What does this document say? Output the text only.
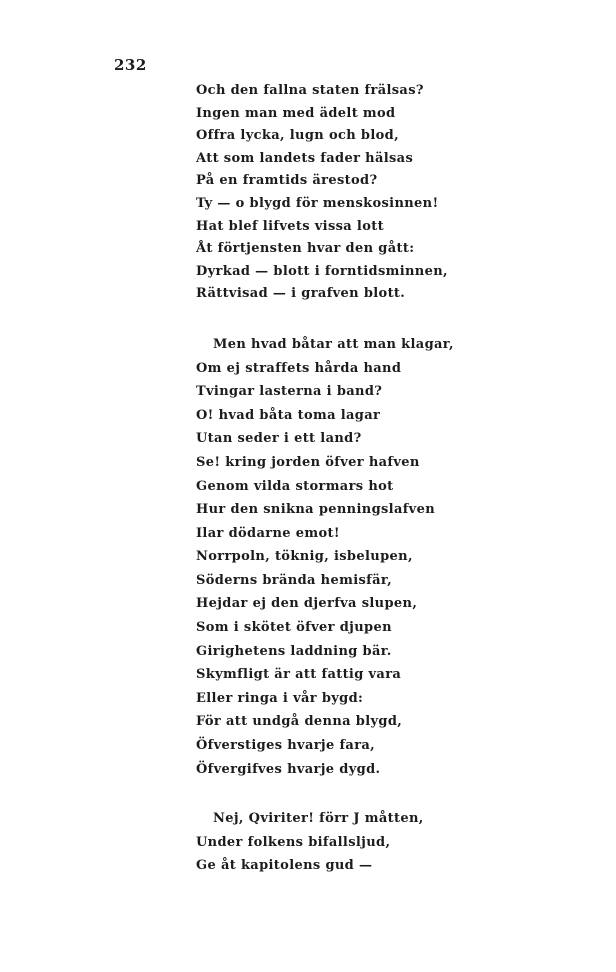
232
Och den fallna staten frälsas?
Ingen man med ädelt mod
Offra lycka, lugn och blod,
Att som landets fader hälsas
På en framtids ärestod?
Ty — o blygd för menskosinnen!
Hat blef lifvets vissa lott
Åt förtjensten hvar den gått:
Dyrkad — blott i forntidsminnen,
Rättvisad — i grafven blott.
Men hvad båtar att man klagar,
Om ej straffets hårda hand
Tvingar lasterna i band?
O! hvad båta toma lagar
Utan seder i ett land?
Se! kring jorden öfver hafven
Genom vilda stormars hot
Hur den snikna penningslafven
Ilar dödarne emot!
Norrpoln, töknig, isbelupen,
Söderns brända hemisfär,
Hejdar ej den djerfva slupen,
Som i skötet öfver djupen
Girighetens laddning bär.
Skymfligt är att fattig vara
Eller ringa i vår bygd:
För att undgå denna blygd,
Öfverstiges hvarje fara,
Öfvergifves hvarje dygd.
Nej, Qviriter! förr J måtten,
Under folkens bifallsljud,
Ge åt kapitolens gud —
